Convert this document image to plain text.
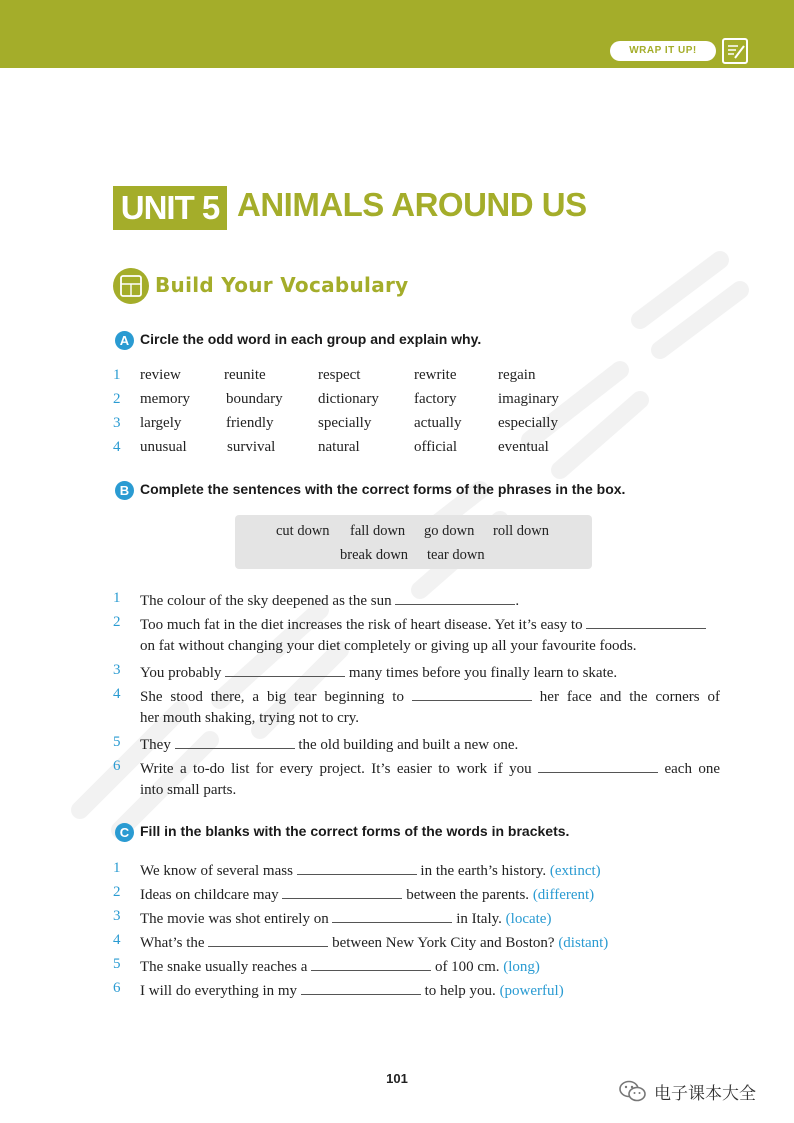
WRAP IT UP!
UNIT 5 ANIMALS AROUND US
Build Your Vocabulary
A Circle the odd word in each group and explain why.
1 review	reunite	respect	rewrite	regain
2 memory boundary dictionary factory	imaginary
3 largely	friendly	specially	actually especially
4 unusual	survival	natural	official	eventual
B Complete the sentences with the correct forms of the phrases in the box.
cut down fall down go down roll down
break down tear down
1 The colour of the sky deepened as the sun	.
2 Too much fat in the diet increases the risk of heart disease. Yet it’s easy to
on fat without changing your diet completely or giving up all your favourite foods.
3 You probably	many times before you finally learn to skate.
4 She stood there, a big tear beginning to	her face and the corners of
her mouth shaking, trying not to cry.
5 They	the old building and built a new one.
6 Write a to-do list for every project. It’s easier to work if you	each one
into small parts.
C Fill in the blanks with the correct forms of the words in brackets.
1 We know of several mass	in the earth’s history. (extinct)
2 Ideas on childcare may	between the parents. (different)
3 The movie was shot entirely on	in Italy. (locate)
4 What’s the	between New York City and Boston? (distant)
5 The snake usually reaches a	of 100 cm. (long)
6 I will do everything in my	to help you. (powerful)
101
电子课本大全
